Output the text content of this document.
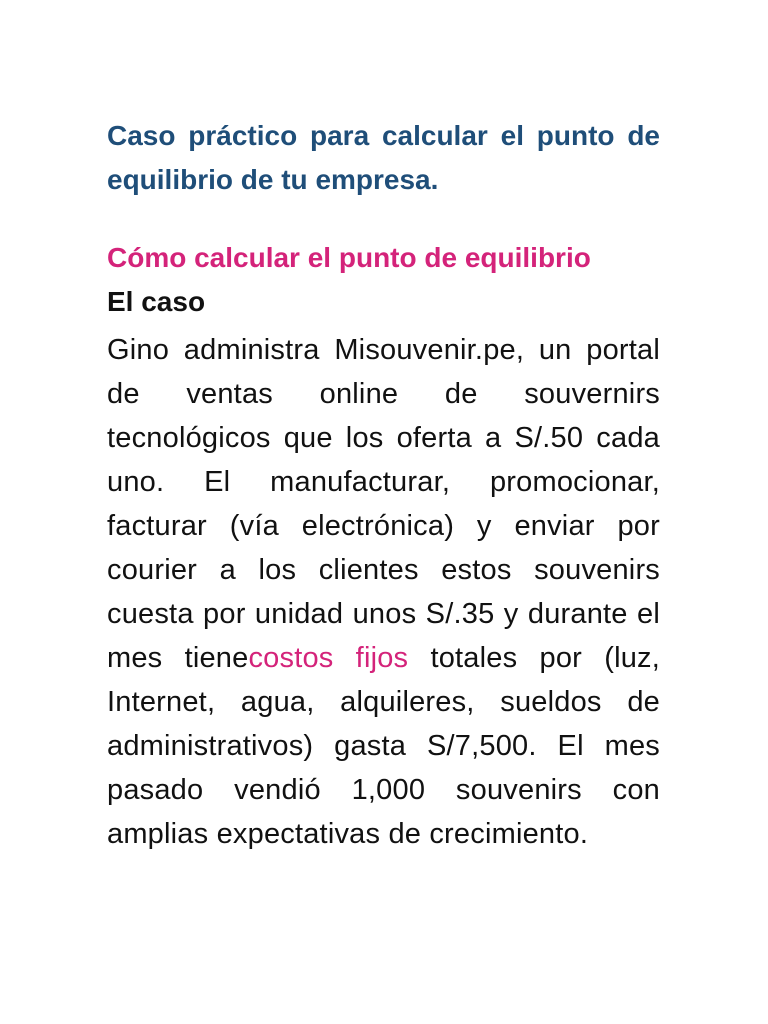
Caso práctico para calcular el punto de equilibrio de tu empresa.
Cómo calcular el punto de equilibrio
El caso

Gino administra Misouvenir.pe, un portal de ventas online de souvernirs tecnológicos que los oferta a S/.50 cada uno. El manufacturar, promocionar, facturar (vía electrónica) y enviar por courier a los clientes estos souvenirs cuesta por unidad unos S/.35 y durante el mes tienecostos fijos totales por (luz, Internet, agua, alquileres, sueldos de administrativos) gasta S/7,500. El mes pasado vendió 1,000 souvenirs con amplias expectativas de crecimiento.
